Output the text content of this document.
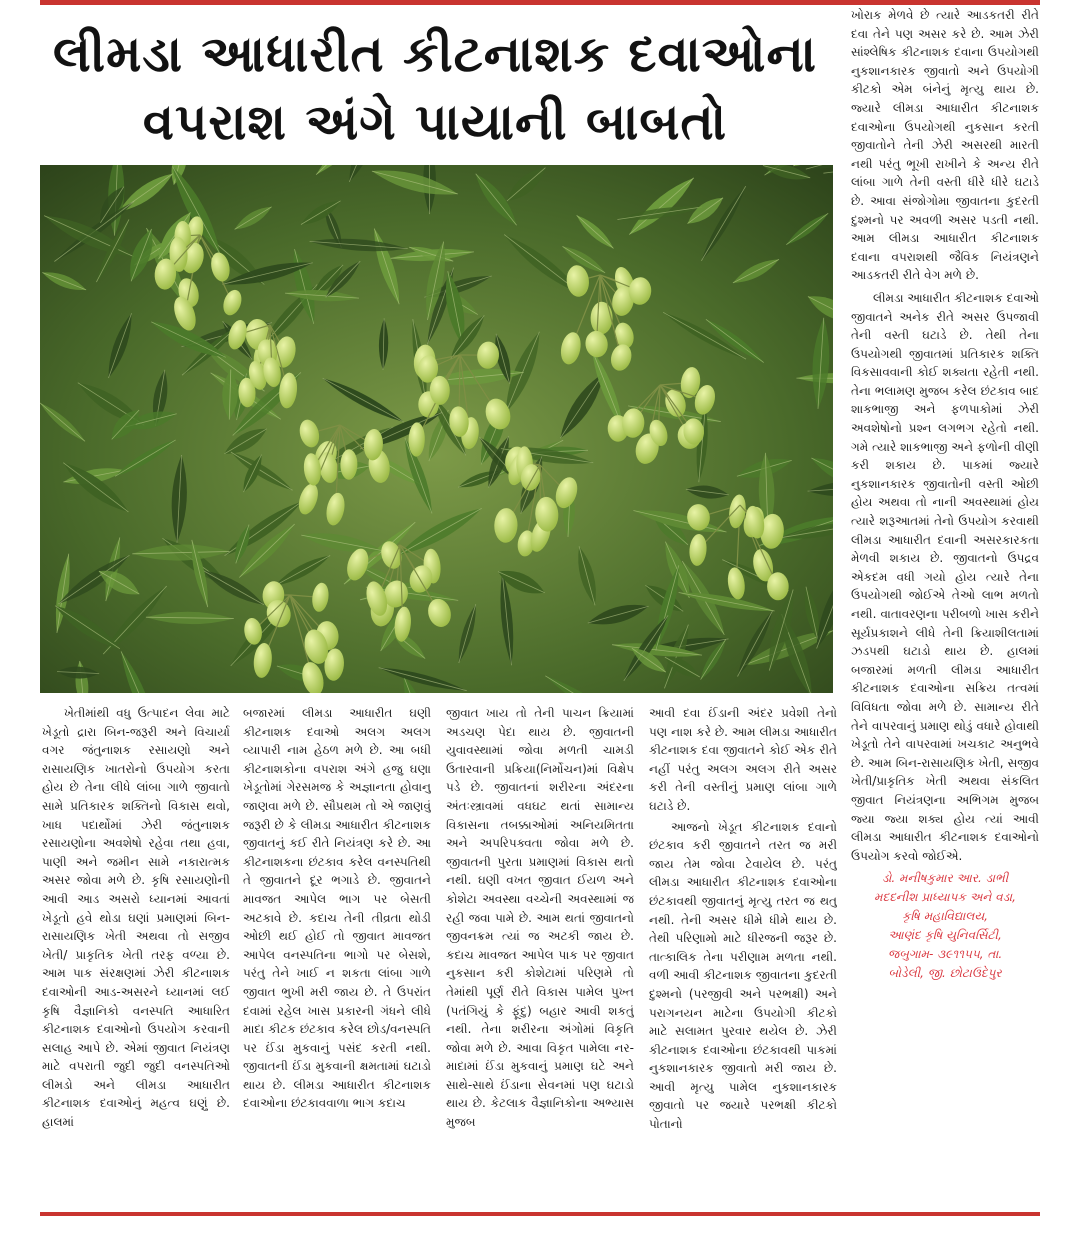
લીમડા આધારીત કીટનાશક દવાઓના
વપરાશ અંગે પાયાની બાબતો

ખેતીમાંથી વધુ ઉત્પાદન લેવા માટે ખેડૂતો દ્રારા બિન-જરૂરી અને વિચાર્યા વગર જંતુનાશક રસાયણો અને રાસાયણિક ખાતરોનો ઉપયોગ કરતા હોય છે તેના લીધે લાંબા ગાળે જીવાતો સામે પ્રતિકારક શક્તિનો વિકાસ થવો, ખાધ પદાર્થોમાં ઝેરી જંતુનાશક રસાયણોના અવશેષો રહેવા તથા હવા, પાણી અને જમીન સામે નકારાત્મક અસર જોવા મળે છે. કૃષિ રસાયણોની આવી આડ અસરો ધ્યાનમાં આવતાં ખેડૂતો હવે થોડા ઘણાં પ્રમાણમાં બિન-રાસાયણિક ખેતી અથવા તો સજીવ ખેતી/ પ્રાકૃતિક ખેતી તરફ વળ્યા છે. આમ પાક સંરક્ષણમાં ઝેરી કીટનાશક દવાઓની આડ-અસરને ધ્યાનમાં લઈ કૃષિ વૈજ્ઞાનિકો વનસ્પતિ આધારિત કીટનાશક દવાઓનો ઉપયોગ કરવાની સલાહ આપે છે. એમાં જીવાત નિયંત્રણ માટે વપરાતી જુદી જુદી વનસ્પતિઓ લીમડો અને લીમડા આધારીત કીટનાશક દવાઓનું મહત્વ ઘણું છે. હાલમાં

બજારમાં લીમડા આધારીત ઘણી કીટનાશક દવાઓ અલગ અલગ વ્યાપારી નામ હેઠળ મળે છે. આ બધી કીટનાશકોના વપરાશ અંગે હજુ ઘણા ખેડૂતોમાં ગેરસમજ કે અજ્ઞાનતા હોવાનુ જાણવા મળે છે. સૌપ્રથમ તો એ જાણવું જરૂરી છે કે લીમડા આધારીત કીટનાશક જીવાતનું કઈ રીતે નિયંત્રણ કરે છે. આ કીટનાશકના છંટકાવ કરેલ વનસ્પતિથી તે જીવાતને દૂર ભગાડે છે. જીવાતને માવજત આપેલ ભાગ પર બેસતી અટકાવે છે. કદાચ તેની તીવ્રતા થોડી ઓછી થઈ હોઈ તો જીવાત માવજત આપેલ વનસ્પતિના ભાગો પર બેસશે, પરંતુ તેને ખાઈ ન શકતા લાંબા ગાળે જીવાત ભુખી મરી જાય છે. તે ઉપરાંત દવામાં રહેલ ખાસ પ્રકારની ગંધને લીધે માદા કીટક છંટકાવ કરેલ છોડ/વનસ્પતિ પર ઈંડા મુકવાનું પસંદ કરતી નથી. જીવાતની ઈંડા મુકવાની ક્ષમતામાં ઘટાડો થાય છે. લીમડા આધારીત કીટનાશક દવાઓના છંટકાવવાળા ભાગ કદાચ

જીવાત ખાય તો તેની પાચન ક્રિયામાં અડચણ પેદા થાય છે. જીવાતની યુવાવસ્થામાં જોવા મળતી ચામડી ઉતારવાની પ્રક્રિયા(નિર્મોચન)માં વિક્ષેપ પડે છે. જીવાતનાં શરીરના અંદરના અંતઃસ્ત્રાવમાં વધઘટ થતાં સામાન્ય વિકાસના તબક્કાઓમાં અનિયમિતતા અને અપરિપક્વતા જોવા મળે છે. જીવાતની પુરતા પ્રમાણમાં વિકાસ થતો નથી. ઘણી વખત જીવાત ઈયળ અને કોશેટા અવસ્થા વચ્ચેની અવસ્થામાં જ રહી જવા પામે છે. આમ થતાં જીવાતનો જીવનક્રમ ત્યાં જ અટકી જાય છે. કદાચ માવજત આપેલ પાક પર જીવાત નુકસાન કરી કોશેટામાં પરિણમે તો તેમાંથી પૂર્ણ રીતે વિકાસ પામેલ પુખ્ત (પતંગિયું કે ફૂંદુ) બહાર આવી શકતું નથી. તેના શરીરના અંગોમાં વિકૃતિ જોવા મળે છે. આવા વિકૃત પામેલા નર-માદામાં ઈંડા મુકવાનું પ્રમાણ ઘટે અને સાથે-સાથે ઈંડાના સેવનમાં પણ ઘટાડો થાય છે. કેટલાક વૈજ્ઞાનિકોના અભ્યાસ મુજબ

આવી દવા ઈંડાની અંદર પ્રવેશી તેનો પણ નાશ કરે છે. આમ લીમડા આધારીત કીટનાશક દવા જીવાતને કોઈ એક રીતે નહીં પરંતુ અલગ અલગ રીતે અસર કરી તેની વસ્તીનું પ્રમાણ લાંબા ગાળે ઘટાડે છે.

આજનો ખેડૂત કીટનાશક દવાનો છંટકાવ કરી જીવાતને તરત જ મરી જાય તેમ જોવા ટેવાયેલ છે. પરંતુ લીમડા આધારીત કીટનાશક દવાઓના છંટકાવથી જીવાતનું મૃત્યુ તરત જ થતુ નથી. તેની અસર ધીમે ધીમે થાય છે. તેથી પરિણામો માટે ધીરજની જરૂર છે. તાત્કાલિક તેના પરીણામ મળતા નથી. વળી આવી કીટનાશક જીવાતના કુદરતી દુશ્મનો (પરજીવી અને પરભક્ષી) અને પરાગનયન માટેના ઉપયોગી કીટકો માટે સલામત પુરવાર થયેલ છે. ઝેરી કીટનાશક દવાઓના છંટકાવથી પાકમાં નુકશાનકારક જીવાતો મરી જાય છે. આવી મૃત્યુ પામેલ નુકશાનકારક જીવાતો પર જયારે પરભક્ષી કીટકો પોતાનો

ખોરાક મેળવે છે ત્યારે આડકતરી રીતે દવા તેને પણ અસર કરે છે. આમ ઝેરી સાંશ્લેષિક કીટનાશક દવાના ઉપયોગથી નુકશાનકારક જીવાતો અને ઉપયોગી કીટકો એમ બંનેનું મૃત્યુ થાય છે. જ્યારે લીમડા આધારીત કીટનાશક દવાઓના ઉપયોગથી નુકસાન કરતી જીવાતોને તેની ઝેરી અસરથી મારતી નથી પરંતુ ભૂખી રાખીને કે અન્ય રીતે લાંબા ગાળે તેની વસ્તી ધીરે ધીરે ઘટાડે છે. આવા સંજોગોમા જીવાતના કુદરતી દુશ્મનો પર અવળી અસર પડતી નથી. આમ લીમડા આધારીત કીટનાશક દવાના વપરાશથી જૈવિક નિયંત્રણને આડકતરી રીતે વેગ મળે છે.

લીમડા આધારીત કીટનાશક દવાઓ જીવાતને અનેક રીતે અસર ઉપજાવી તેની વસ્તી ઘટાડે છે. તેથી તેના ઉપયોગથી જીવાતમાં પ્રતિકારક શક્તિ વિકસાવવાની કોઈ શક્યતા રહેતી નથી. તેના ભલામણ મુજબ કરેલ છંટકાવ બાદ શાકભાજી અને ફળપાકોમાં ઝેરી અવશેષોનો પ્રશ્ન લગભગ રહેતો નથી. ગમે ત્યારે શાકભાજી અને ફળોની વીણી કરી શકાય છે. પાકમાં જ્યારે નુકશાનકારક જીવાતોની વસ્તી ઓછી હોય અથવા તો નાની અવસ્થામાં હોય ત્યારે શરૂઆતમાં તેનો ઉપયોગ કરવાથી લીમડા આધારીત દવાની અસરકારકતા મેળવી શકાય છે. જીવાતનો ઉપદ્રવ એકદમ વધી ગયો હોય ત્યારે તેના ઉપયોગથી જોઈએ તેઓ લાભ મળતો નથી. વાતાવરણના પરીબળો ખાસ કરીને સૂર્યપ્રકાશને લીધે તેની ક્રિયાશીલતામાં ઝડપથી ઘટાડો થાય છે. હાલમાં બજારમાં મળતી લીમડા આધારીત કીટનાશક દવાઓના સક્રિય તત્વમાં વિવિધતા જોવા મળે છે. સામાન્ય રીતે તેને વાપરવાનું પ્રમાણ થોડું વધારે હોવાથી ખેડૂતો તેને વાપરવામાં ખચકાટ અનુભવે છે. આમ બિન-રાસાયણિક ખેતી, સજીવ ખેતી/પ્રાકૃતિક ખેતી અથવા સંકલિત જીવાત નિયંત્રણના અભિગમ મુજબ જ્યા જ્યા શક્ય હોય ત્યાં આવી લીમડા આધારીત કીટનાશક દવાઓનો ઉપયોગ કરવો જોઈએ.

ડો. મનીષકુમાર આર. ડાભી
મદદનીશ પ્રાધ્યાપક અને વડા,
કૃષિ મહાવિદ્યાલય,
આણંદ કૃષિ યુનિવર્સિટી,
જબુગામ- ૩૯૧૧૫૫, તા.
બોડેલી, જી. છોટાઉદેપુર
